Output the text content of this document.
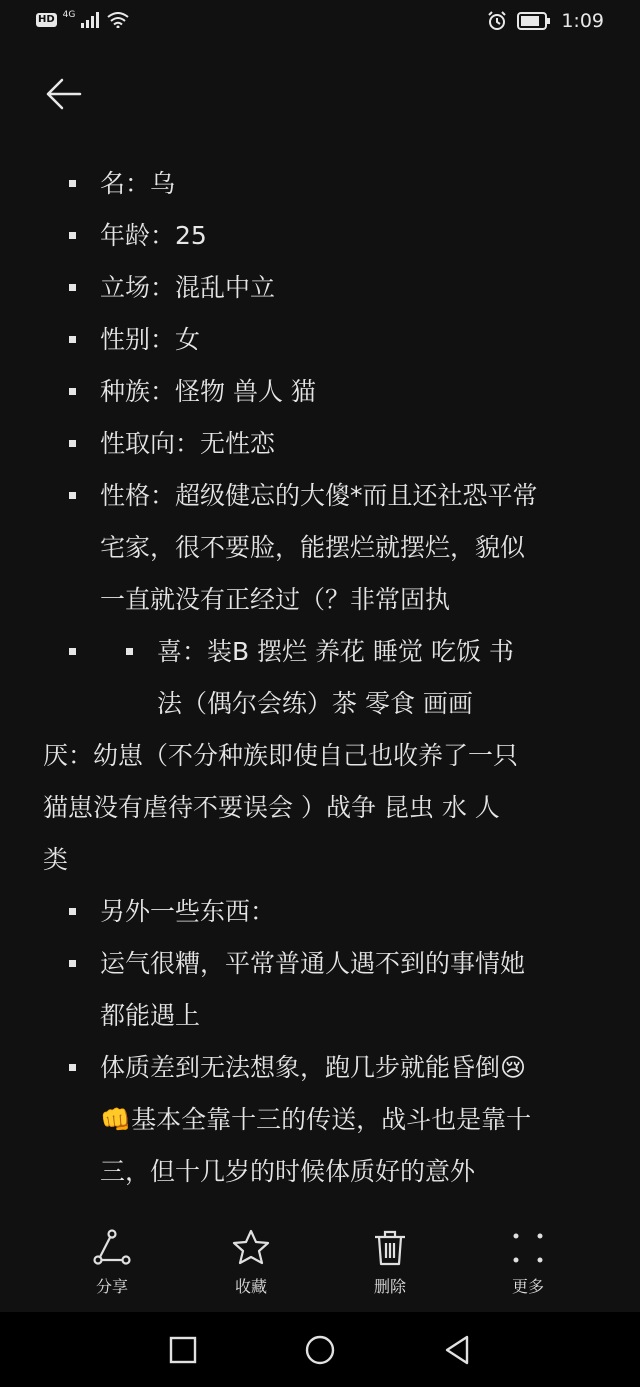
HD 4G	1:09
名：乌
年龄：25
立场：混乱中立
性别：女
种族：怪物 兽人 猫
性取向：无性恋
性格：超级健忘的大傻*而且还社恐平常
宅家，很不要脸，能摆烂就摆烂，貌似
一直就没有正经过（？非常固执
喜：装B 摆烂 养花 睡觉 吃饭 书
法（偶尔会练）茶 零食 画画
厌：幼崽（不分种族即使自己也收养了一只
猫崽没有虐待不要误会 ）战争 昆虫 水 人
类
另外一些东西：
运气很糟，平常普通人遇不到的事情她
都能遇上
体质差到无法想象，跑几步就能昏倒😢
👊基本全靠十三的传送，战斗也是靠十
三，但十几岁的时候体质好的意外
分享	收藏	删除	更多
